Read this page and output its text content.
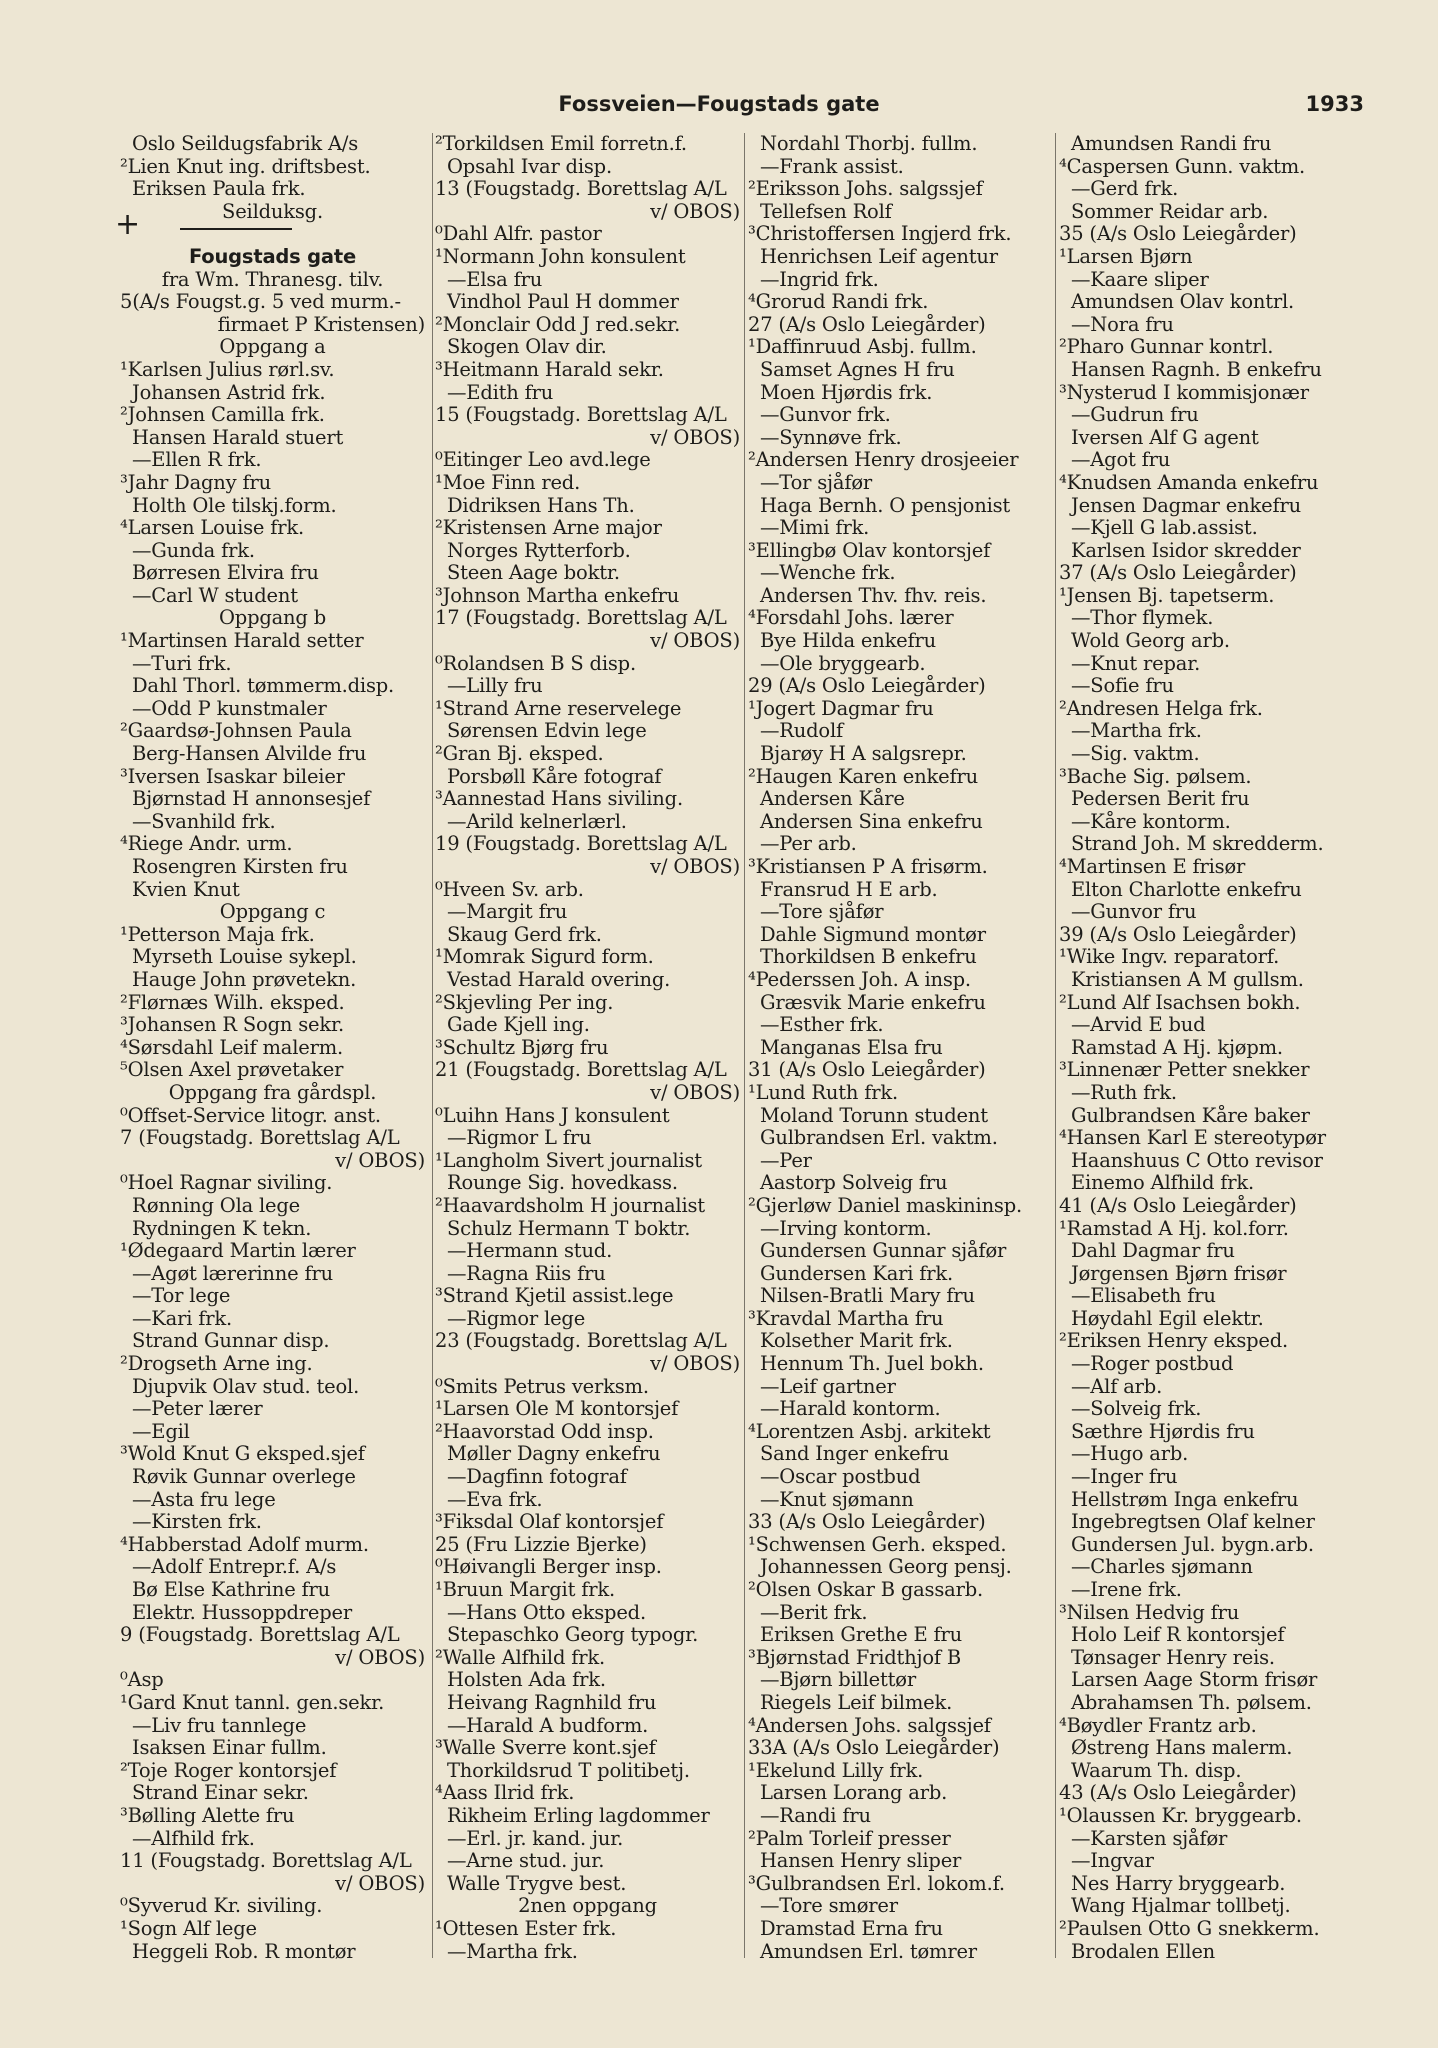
Fossveien—Fougstads gate	1933
+
Oslo Seildugsfabrik A/s
²Lien Knut ing. driftsbest.
Eriksen Paula frk.
Seilduksg.
Fougstads gate
fra Wm. Thranesg. tilv.
5(A/s Fougst.g. 5 ved murm.-
firmaet P Kristensen)
Oppgang a
¹Karlsen Julius rørl.sv.
Johansen Astrid frk.
²Johnsen Camilla frk.
Hansen Harald stuert
—Ellen R frk.
³Jahr Dagny fru
Holth Ole tilskj.form.
⁴Larsen Louise frk.
—Gunda frk.
Børresen Elvira fru
—Carl W student
Oppgang b
¹Martinsen Harald setter
—Turi frk.
Dahl Thorl. tømmerm.disp.
—Odd P kunstmaler
²Gaardsø-Johnsen Paula
Berg-Hansen Alvilde fru
³Iversen Isaskar bileier
Bjørnstad H annonsesjef
—Svanhild frk.
⁴Riege Andr. urm.
Rosengren Kirsten fru
Kvien Knut
Oppgang c
¹Petterson Maja frk.
Myrseth Louise sykepl.
Hauge John prøvetekn.
²Flørnæs Wilh. eksped.
³Johansen R Sogn sekr.
⁴Sørsdahl Leif malerm.
⁵Olsen Axel prøvetaker
Oppgang fra gårdspl.
⁰Offset-Service litogr. anst.
7 (Fougstadg. Borettslag A/L
v/ OBOS)
⁰Hoel Ragnar siviling.
Rønning Ola lege
Rydningen K tekn.
¹Ødegaard Martin lærer
—Agøt lærerinne fru
—Tor lege
—Kari frk.
Strand Gunnar disp.
²Drogseth Arne ing.
Djupvik Olav stud. teol.
—Peter lærer
—Egil
³Wold Knut G eksped.sjef
Røvik Gunnar overlege
—Asta fru lege
—Kirsten frk.
⁴Habberstad Adolf murm.
—Adolf Entrepr.f. A/s
Bø Else Kathrine fru
Elektr. Hussoppdreper
9 (Fougstadg. Borettslag A/L
v/ OBOS)
⁰Asp
¹Gard Knut tannl. gen.sekr.
—Liv fru tannlege
Isaksen Einar fullm.
²Toje Roger kontorsjef
Strand Einar sekr.
³Bølling Alette fru
—Alfhild frk.
11 (Fougstadg. Borettslag A/L
v/ OBOS)
⁰Syverud Kr. siviling.
¹Sogn Alf lege
Heggeli Rob. R montør
²Torkildsen Emil forretn.f.
Opsahl Ivar disp.
13 (Fougstadg. Borettslag A/L
v/ OBOS)
⁰Dahl Alfr. pastor
¹Normann John konsulent
—Elsa fru
Vindhol Paul H dommer
²Monclair Odd J red.sekr.
Skogen Olav dir.
³Heitmann Harald sekr.
—Edith fru
15 (Fougstadg. Borettslag A/L
v/ OBOS)
⁰Eitinger Leo avd.lege
¹Moe Finn red.
Didriksen Hans Th.
²Kristensen Arne major
Norges Rytterforb.
Steen Aage boktr.
³Johnson Martha enkefru
17 (Fougstadg. Borettslag A/L
v/ OBOS)
⁰Rolandsen B S disp.
—Lilly fru
¹Strand Arne reservelege
Sørensen Edvin lege
²Gran Bj. eksped.
Porsbøll Kåre fotograf
³Aannestad Hans siviling.
—Arild kelnerlærl.
19 (Fougstadg. Borettslag A/L
v/ OBOS)
⁰Hveen Sv. arb.
—Margit fru
Skaug Gerd frk.
¹Momrak Sigurd form.
Vestad Harald overing.
²Skjevling Per ing.
Gade Kjell ing.
³Schultz Bjørg fru
21 (Fougstadg. Borettslag A/L
v/ OBOS)
⁰Luihn Hans J konsulent
—Rigmor L fru
¹Langholm Sivert journalist
Rounge Sig. hovedkass.
²Haavardsholm H journalist
Schulz Hermann T boktr.
—Hermann stud.
—Ragna Riis fru
³Strand Kjetil assist.lege
—Rigmor lege
23 (Fougstadg. Borettslag A/L
v/ OBOS)
⁰Smits Petrus verksm.
¹Larsen Ole M kontorsjef
²Haavorstad Odd insp.
Møller Dagny enkefru
—Dagfinn fotograf
—Eva frk.
³Fiksdal Olaf kontorsjef
25 (Fru Lizzie Bjerke)
⁰Høivangli Berger insp.
¹Bruun Margit frk.
—Hans Otto eksped.
Stepaschko Georg typogr.
²Walle Alfhild frk.
Holsten Ada frk.
Heivang Ragnhild fru
—Harald A budform.
³Walle Sverre kont.sjef
Thorkildsrud T politibetj.
⁴Aass Ilrid frk.
Rikheim Erling lagdommer
—Erl. jr. kand. jur.
—Arne stud. jur.
Walle Trygve best.
2nen oppgang
¹Ottesen Ester frk.
—Martha frk.
Nordahl Thorbj. fullm.
—Frank assist.
²Eriksson Johs. salgssjef
Tellefsen Rolf
³Christoffersen Ingjerd frk.
Henrichsen Leif agentur
—Ingrid frk.
⁴Grorud Randi frk.
27 (A/s Oslo Leiegårder)
¹Daffinruud Asbj. fullm.
Samset Agnes H fru
Moen Hjørdis frk.
—Gunvor frk.
—Synnøve frk.
²Andersen Henry drosjeeier
—Tor sjåfør
Haga Bernh. O pensjonist
—Mimi frk.
³Ellingbø Olav kontorsjef
—Wenche frk.
Andersen Thv. fhv. reis.
⁴Forsdahl Johs. lærer
Bye Hilda enkefru
—Ole bryggearb.
29 (A/s Oslo Leiegårder)
¹Jogert Dagmar fru
—Rudolf
Bjarøy H A salgsrepr.
²Haugen Karen enkefru
Andersen Kåre
Andersen Sina enkefru
—Per arb.
³Kristiansen P A frisørm.
Fransrud H E arb.
—Tore sjåfør
Dahle Sigmund montør
Thorkildsen B enkefru
⁴Pederssen Joh. A insp.
Græsvik Marie enkefru
—Esther frk.
Manganas Elsa fru
31 (A/s Oslo Leiegårder)
¹Lund Ruth frk.
Moland Torunn student
Gulbrandsen Erl. vaktm.
—Per
Aastorp Solveig fru
²Gjerløw Daniel maskininsp.
—Irving kontorm.
Gundersen Gunnar sjåfør
Gundersen Kari frk.
Nilsen-Bratli Mary fru
³Kravdal Martha fru
Kolsether Marit frk.
Hennum Th. Juel bokh.
—Leif gartner
—Harald kontorm.
⁴Lorentzen Asbj. arkitekt
Sand Inger enkefru
—Oscar postbud
—Knut sjømann
33 (A/s Oslo Leiegårder)
¹Schwensen Gerh. eksped.
Johannessen Georg pensj.
²Olsen Oskar B gassarb.
—Berit frk.
Eriksen Grethe E fru
³Bjørnstad Fridthjof B
—Bjørn billettør
Riegels Leif bilmek.
⁴Andersen Johs. salgssjef
33A (A/s Oslo Leiegårder)
¹Ekelund Lilly frk.
Larsen Lorang arb.
—Randi fru
²Palm Torleif presser
Hansen Henry sliper
³Gulbrandsen Erl. lokom.f.
—Tore smører
Dramstad Erna fru
Amundsen Erl. tømrer
Amundsen Randi fru
⁴Caspersen Gunn. vaktm.
—Gerd frk.
Sommer Reidar arb.
35 (A/s Oslo Leiegårder)
¹Larsen Bjørn
—Kaare sliper
Amundsen Olav kontrl.
—Nora fru
²Pharo Gunnar kontrl.
Hansen Ragnh. B enkefru
³Nysterud I kommisjonær
—Gudrun fru
Iversen Alf G agent
—Agot fru
⁴Knudsen Amanda enkefru
Jensen Dagmar enkefru
—Kjell G lab.assist.
Karlsen Isidor skredder
37 (A/s Oslo Leiegårder)
¹Jensen Bj. tapetserm.
—Thor flymek.
Wold Georg arb.
—Knut repar.
—Sofie fru
²Andresen Helga frk.
—Martha frk.
—Sig. vaktm.
³Bache Sig. pølsem.
Pedersen Berit fru
—Kåre kontorm.
Strand Joh. M skredderm.
⁴Martinsen E frisør
Elton Charlotte enkefru
—Gunvor fru
39 (A/s Oslo Leiegårder)
¹Wike Ingv. reparatorf.
Kristiansen A M gullsm.
²Lund Alf Isachsen bokh.
—Arvid E bud
Ramstad A Hj. kjøpm.
³Linnenær Petter snekker
—Ruth frk.
Gulbrandsen Kåre baker
⁴Hansen Karl E stereotypør
Haanshuus C Otto revisor
Einemo Alfhild frk.
41 (A/s Oslo Leiegårder)
¹Ramstad A Hj. kol.forr.
Dahl Dagmar fru
Jørgensen Bjørn frisør
—Elisabeth fru
Høydahl Egil elektr.
²Eriksen Henry eksped.
—Roger postbud
—Alf arb.
—Solveig frk.
Sæthre Hjørdis fru
—Hugo arb.
—Inger fru
Hellstrøm Inga enkefru
Ingebregtsen Olaf kelner
Gundersen Jul. bygn.arb.
—Charles sjømann
—Irene frk.
³Nilsen Hedvig fru
Holo Leif R kontorsjef
Tønsager Henry reis.
Larsen Aage Storm frisør
Abrahamsen Th. pølsem.
⁴Bøydler Frantz arb.
Østreng Hans malerm.
Waarum Th. disp.
43 (A/s Oslo Leiegårder)
¹Olaussen Kr. bryggearb.
—Karsten sjåfør
—Ingvar
Nes Harry bryggearb.
Wang Hjalmar tollbetj.
²Paulsen Otto G snekkerm.
Brodalen Ellen
